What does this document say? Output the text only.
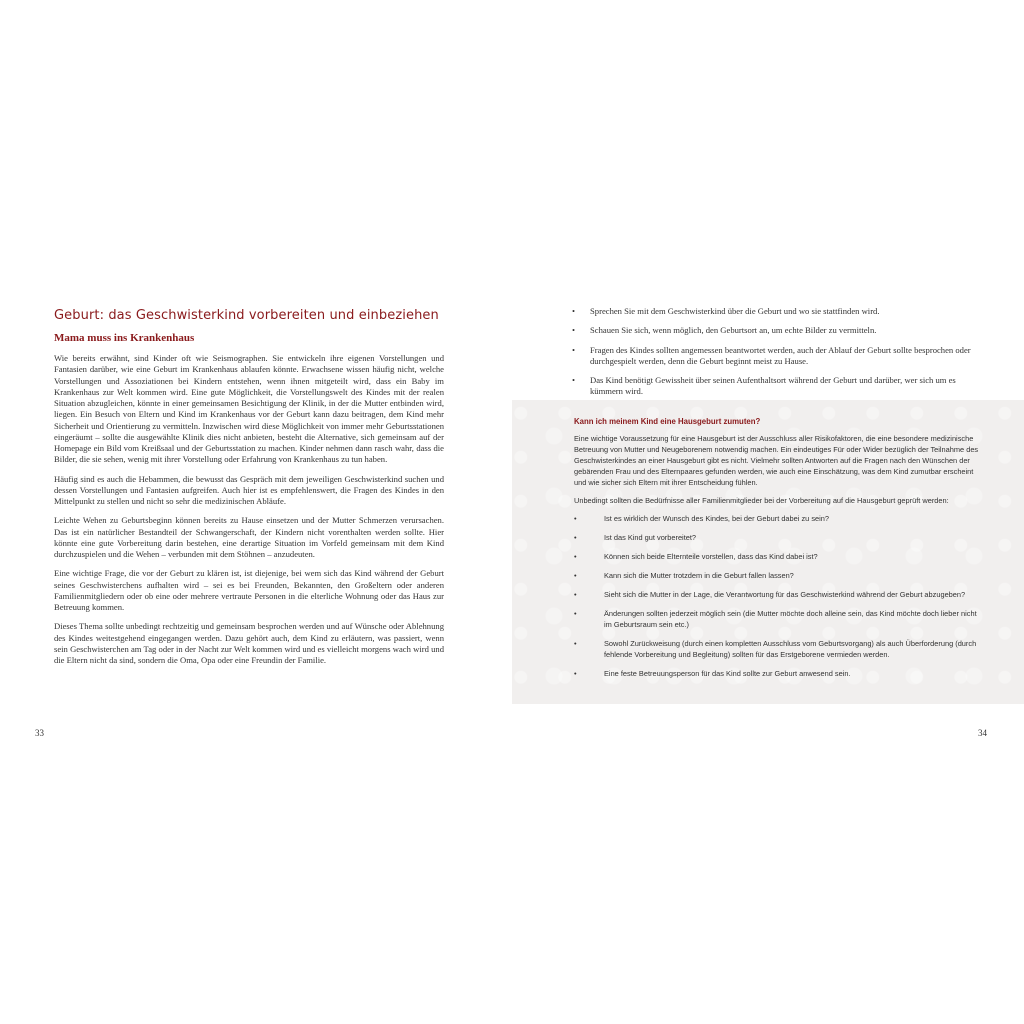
Geburt: das Geschwisterkind vorbereiten und einbeziehen
Mama muss ins Krankenhaus

Wie bereits erwähnt, sind Kinder oft wie Seismographen. Sie entwickeln ihre eigenen Vorstellungen und Fantasien darüber, wie eine Geburt im Krankenhaus ablaufen könnte. Erwachsene wissen häufig nicht, welche Vorstellungen und Assoziationen bei Kindern entstehen, wenn ihnen mitgeteilt wird, dass ein Baby im Krankenhaus zur Welt kommen wird. Eine gute Möglichkeit, die Vorstellungswelt des Kindes mit der realen Situation abzugleichen, könnte in einer gemeinsamen Besichtigung der Klinik, in der die Mutter entbinden wird, liegen. Ein Besuch von Eltern und Kind im Krankenhaus vor der Geburt kann dazu beitragen, dem Kind mehr Sicherheit und Orientierung zu vermitteln. Inzwischen wird diese Möglichkeit von immer mehr Geburtsstationen eingeräumt – sollte die ausgewählte Klinik dies nicht anbieten, besteht die Alternative, sich gemeinsam auf der Homepage ein Bild vom Kreißsaal und der Geburtsstation zu machen. Kinder nehmen dann rasch wahr, dass die Bilder, die sie sehen, wenig mit ihrer Vorstellung oder Erfahrung von Krankenhaus zu tun haben.

Häufig sind es auch die Hebammen, die bewusst das Gespräch mit dem jeweiligen Geschwisterkind suchen und dessen Vorstellungen und Fantasien aufgreifen. Auch hier ist es empfehlenswert, die Fragen des Kindes in den Mittelpunkt zu stellen und nicht so sehr die medizinischen Abläufe.

Leichte Wehen zu Geburtsbeginn können bereits zu Hause einsetzen und der Mutter Schmerzen verursachen. Das ist ein natürlicher Bestandteil der Schwangerschaft, der Kindern nicht vorenthalten werden sollte. Hier könnte eine gute Vorbereitung darin bestehen, eine derartige Situation im Vorfeld gemeinsam mit dem Kind durchzuspielen und die Wehen – verbunden mit dem Stöhnen – anzudeuten.

Eine wichtige Frage, die vor der Geburt zu klären ist, ist diejenige, bei wem sich das Kind während der Geburt seines Geschwisterchens aufhalten wird – sei es bei Freunden, Bekannten, den Großeltern oder anderen Familienmitgliedern oder ob eine oder mehrere vertraute Personen in die elterliche Wohnung oder das Haus zur Betreuung kommen.

Dieses Thema sollte unbedingt rechtzeitig und gemeinsam besprochen werden und auf Wünsche oder Ablehnung des Kindes weitestgehend eingegangen werden. Dazu gehört auch, dem Kind zu erläutern, was passiert, wenn sein Geschwisterchen am Tag oder in der Nacht zur Welt kommen wird und es vielleicht morgens wach wird und die Eltern nicht da sind, sondern die Oma, Opa oder eine Freundin der Familie.

33
• Sprechen Sie mit dem Geschwisterkind über die Geburt und wo sie stattfinden wird.
• Schauen Sie sich, wenn möglich, den Geburtsort an, um echte Bilder zu vermitteln.
• Fragen des Kindes sollten angemessen beantwortet werden, auch der Ablauf der Geburt sollte besprochen oder durchgespielt werden, denn die Geburt beginnt meist zu Hause.
• Das Kind benötigt Gewissheit über seinen Aufenthaltsort während der Geburt und darüber, wer sich um es kümmern wird.
Kann ich meinem Kind eine Hausgeburt zumuten?

Eine wichtige Voraussetzung für eine Hausgeburt ist der Ausschluss aller Risikofaktoren, die eine besondere medizinische Betreuung von Mutter und Neugeborenem notwendig machen. Ein eindeutiges Für oder Wider bezüglich der Teilnahme des Geschwisterkindes an einer Hausgeburt gibt es nicht. Vielmehr sollten Antworten auf die Fragen nach den Wünschen der gebärenden Frau und des Elternpaares gefunden werden, wie auch eine Einschätzung, was dem Kind zumutbar erscheint und wie sicher sich Eltern mit ihrer Entscheidung fühlen.

Unbedingt sollten die Bedürfnisse aller Familienmitglieder bei der Vorbereitung auf die Hausgeburt geprüft werden:

•	Ist es wirklich der Wunsch des Kindes, bei der Geburt dabei zu sein?
•	Ist das Kind gut vorbereitet?
•	Können sich beide Elternteile vorstellen, dass das Kind dabei ist?
•	Kann sich die Mutter trotzdem in die Geburt fallen lassen?
•	Sieht sich die Mutter in der Lage, die Verantwortung für das Geschwisterkind während der Geburt abzugeben?
•	Änderungen sollten jederzeit möglich sein (die Mutter möchte doch alleine sein, das Kind möchte doch lieber nicht im Geburtsraum sein etc.)
•	Sowohl Zurückweisung (durch einen kompletten Ausschluss vom Geburtsvorgang) als auch Überforderung (durch fehlende Vorbereitung und Begleitung) sollten für das Erstgeborene vermieden werden.
•	Eine feste Betreuungsperson für das Kind sollte zur Geburt anwesend sein.
34
